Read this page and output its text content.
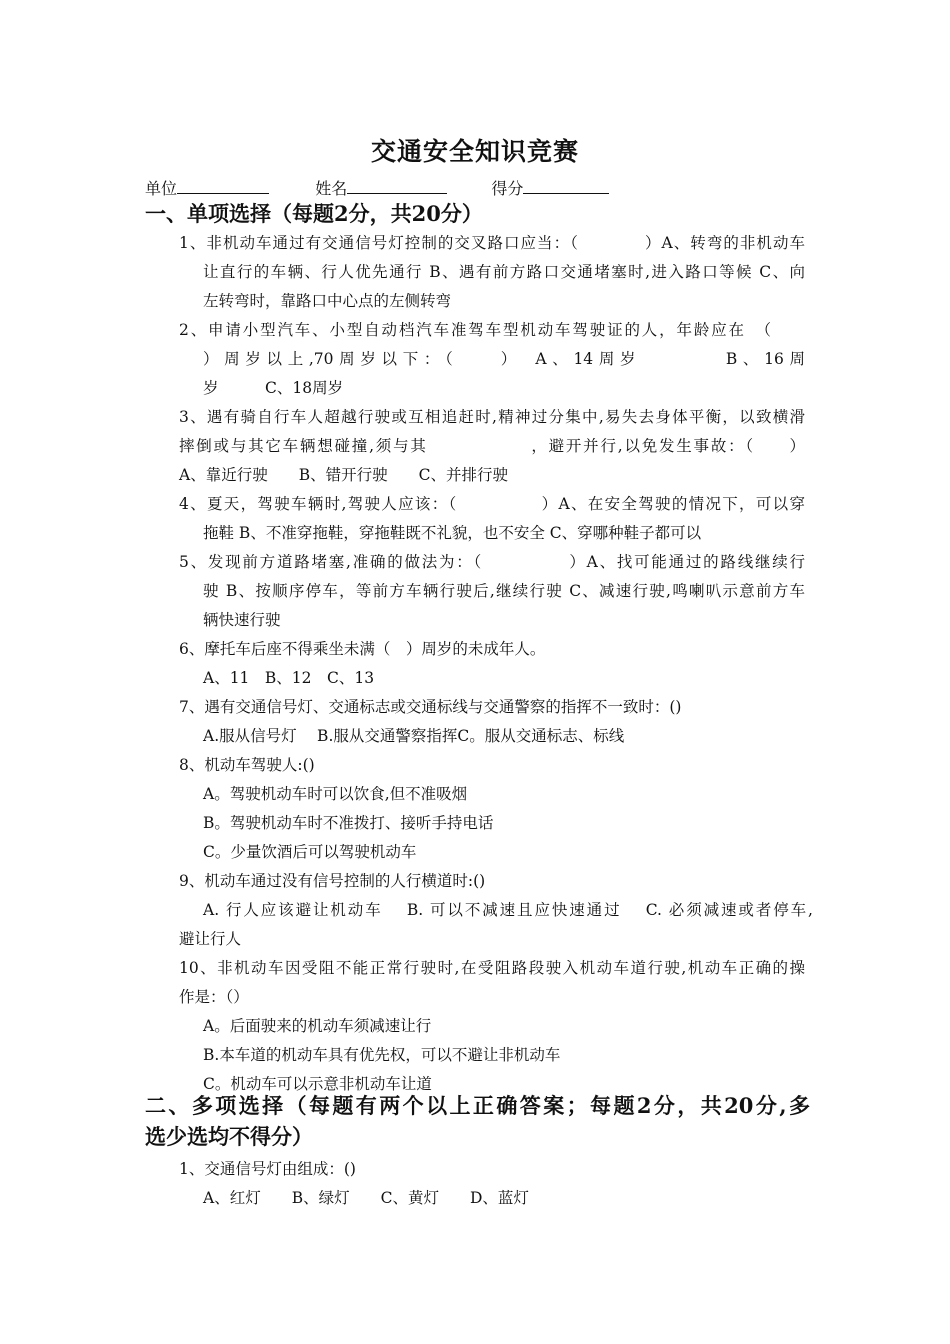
交通安全知识竞赛
单位	姓名	得分
一、单项选择（每题2分，共20分）
1、非机动车通过有交通信号灯控制的交叉路口应当：（　　　　）A、转弯的非机动车
让直行的车辆、行人优先通行 B、遇有前方路口交通堵塞时,进入路口等候 C、向
左转弯时，靠路口中心点的左侧转弯
2、申请小型汽车、小型自动档汽车准驾车型机动车驾驶证的人，年龄应在　（
）周岁以上,70周岁以下：（　　）　A、14周岁　　　　B、16周
岁　　　C、18周岁
3、遇有骑自行车人超越行驶或互相追赶时,精神过分集中,易失去身体平衡，以致横滑
摔倒或与其它车辆想碰撞,须与其　　　　　　，避开并行,以免发生事故：（　　）
A、靠近行驶　　B、错开行驶　　C、并排行驶
4、夏天，驾驶车辆时,驾驶人应该：（　　　　　）A、在安全驾驶的情况下，可以穿
拖鞋 B、不准穿拖鞋，穿拖鞋既不礼貌，也不安全 C、穿哪种鞋子都可以
5、发现前方道路堵塞,准确的做法为：（　　　　　）A、找可能通过的路线继续行
驶 B、按顺序停车，等前方车辆行驶后,继续行驶 C、减速行驶,鸣喇叭示意前方车
辆快速行驶
6、摩托车后座不得乘坐未满（　）周岁的未成年人。
A、11　B、12　C、13
7、遇有交通信号灯、交通标志或交通标线与交通警察的指挥不一致时：()
A.服从信号灯　 B.服从交通警察指挥C。服从交通标志、标线
8、机动车驾驶人:()
A。驾驶机动车时可以饮食,但不准吸烟
B。驾驶机动车时不准拨打、接听手持电话
C。少量饮酒后可以驾驶机动车
9、机动车通过没有信号控制的人行横道时:()
A. 行人应该避让机动车　 B. 可以不减速且应快速通过　 C. 必须减速或者停车,
避让行人
10、非机动车因受阻不能正常行驶时,在受阻路段驶入机动车道行驶,机动车正确的操
作是：（）
A。后面驶来的机动车须减速让行
B.本车道的机动车具有优先权，可以不避让非机动车
C。机动车可以示意非机动车让道
二、多项选择（每题有两个以上正确答案；每题2分，共20分,多
选少选均不得分）
1、交通信号灯由组成：()
A、红灯　　B、绿灯　　C、黄灯　　D、蓝灯
